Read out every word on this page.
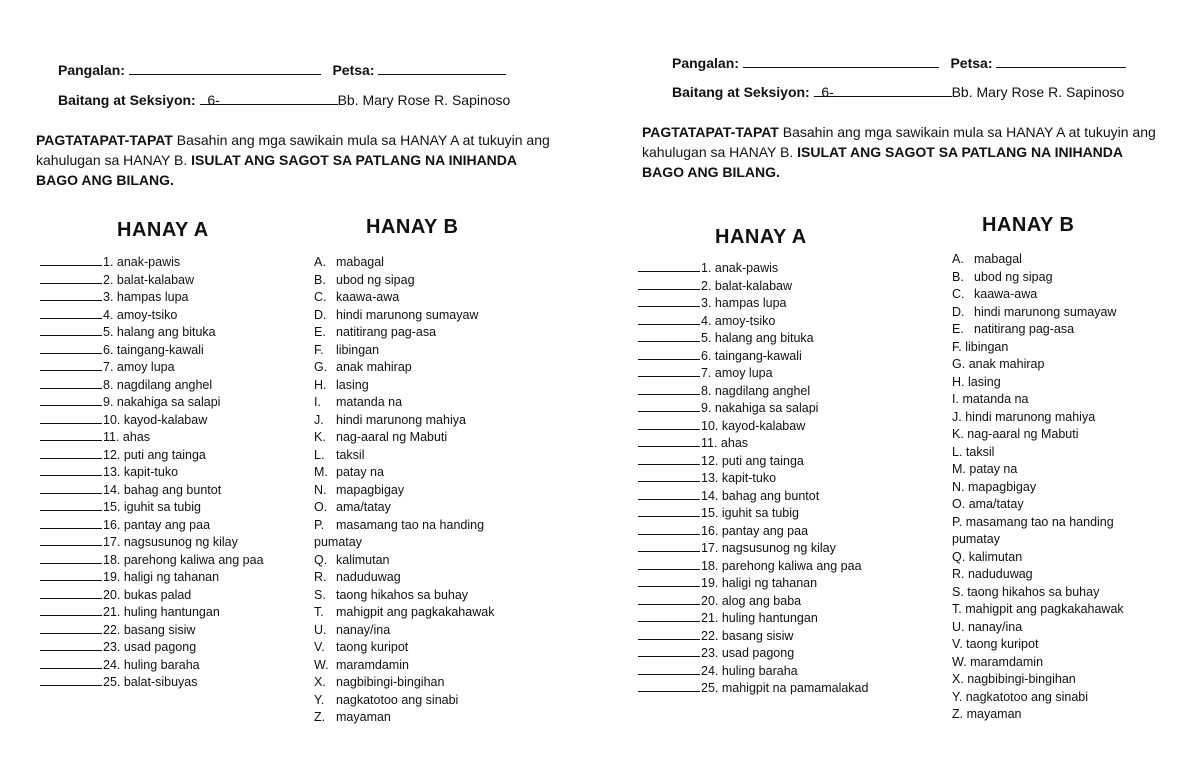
Pangalan:	Petsa:
Baitang at Seksiyon: 6-	Bb. Mary Rose R. Sapinoso
PAGTATAPAT-TAPAT Basahin ang mga sawikain mula sa HANAY A at tukuyin ang kahulugan sa HANAY B. ISULAT ANG SAGOT SA PATLANG NA INIHANDA BAGO ANG BILANG.
HANAY A	HANAY B
1. anak-pawis
2. balat-kalabaw
3. hampas lupa
4. amoy-tsiko
5. halang ang bituka
6. taingang-kawali
7. amoy lupa
8. nagdilang anghel
9. nakahiga sa salapi
10. kayod-kalabaw
11. ahas
12. puti ang tainga
13. kapit-tuko
14. bahag ang buntot
15. iguhit sa tubig
16. pantay ang paa
17. nagsusunog ng kilay
18. parehong kaliwa ang paa
19. haligi ng tahanan
20. bukas palad
21. huling hantungan
22. basang sisiw
23. usad pagong
24. huling baraha
25. balat-sibuyas
A. mabagal
B. ubod ng sipag
C. kaawa-awa
D. hindi marunong sumayaw
E. natitirang pag-asa
F. libingan
G. anak mahirap
H. lasing
I. matanda na
J. hindi marunong mahiya
K. nag-aaral ng Mabuti
L. taksil
M. patay na
N. mapagbigay
O. ama/tatay
P. masamang tao na handing pumatay
Q. kalimutan
R. naduduwag
S. taong hikahos sa buhay
T. mahigpit ang pagkakahawak
U. nanay/ina
V. taong kuripot
W. maramdamin
X. nagbibingi-bingihan
Y. nagkatotoo ang sinabi
Z. mayaman
Pangalan:	Petsa:
Baitang at Seksiyon: 6-	Bb. Mary Rose R. Sapinoso
PAGTATAPAT-TAPAT Basahin ang mga sawikain mula sa HANAY A at tukuyin ang kahulugan sa HANAY B. ISULAT ANG SAGOT SA PATLANG NA INIHANDA BAGO ANG BILANG.
HANAY A
HANAY B
1. anak-pawis
2. balat-kalabaw
3. hampas lupa
4. amoy-tsiko
5. halang ang bituka
6. taingang-kawali
7. amoy lupa
8. nagdilang anghel
9. nakahiga sa salapi
10. kayod-kalabaw
11. ahas
12. puti ang tainga
13. kapit-tuko
14. bahag ang buntot
15. iguhit sa tubig
16. pantay ang paa
17. nagsusunog ng kilay
18. parehong kaliwa ang paa
19. haligi ng tahanan
20. alog ang baba
21. huling hantungan
22. basang sisiw
23. usad pagong
24. huling baraha
25. mahigpit na pamamalakad
A. mabagal
B. ubod ng sipag
C. kaawa-awa
D. hindi marunong sumayaw
E. natitirang pag-asa
F. libingan
G. anak mahirap
H. lasing
I. matanda na
J. hindi marunong mahiya
K. nag-aaral ng Mabuti
L. taksil
M. patay na
N. mapagbigay
O. ama/tatay
P. masamang tao na handing pumatay
Q. kalimutan
R. naduduwag
S. taong hikahos sa buhay
T. mahigpit ang pagkakahawak
U. nanay/ina
V. taong kuripot
W. maramdamin
X. nagbibingi-bingihan
Y. nagkatotoo ang sinabi
Z. mayaman
